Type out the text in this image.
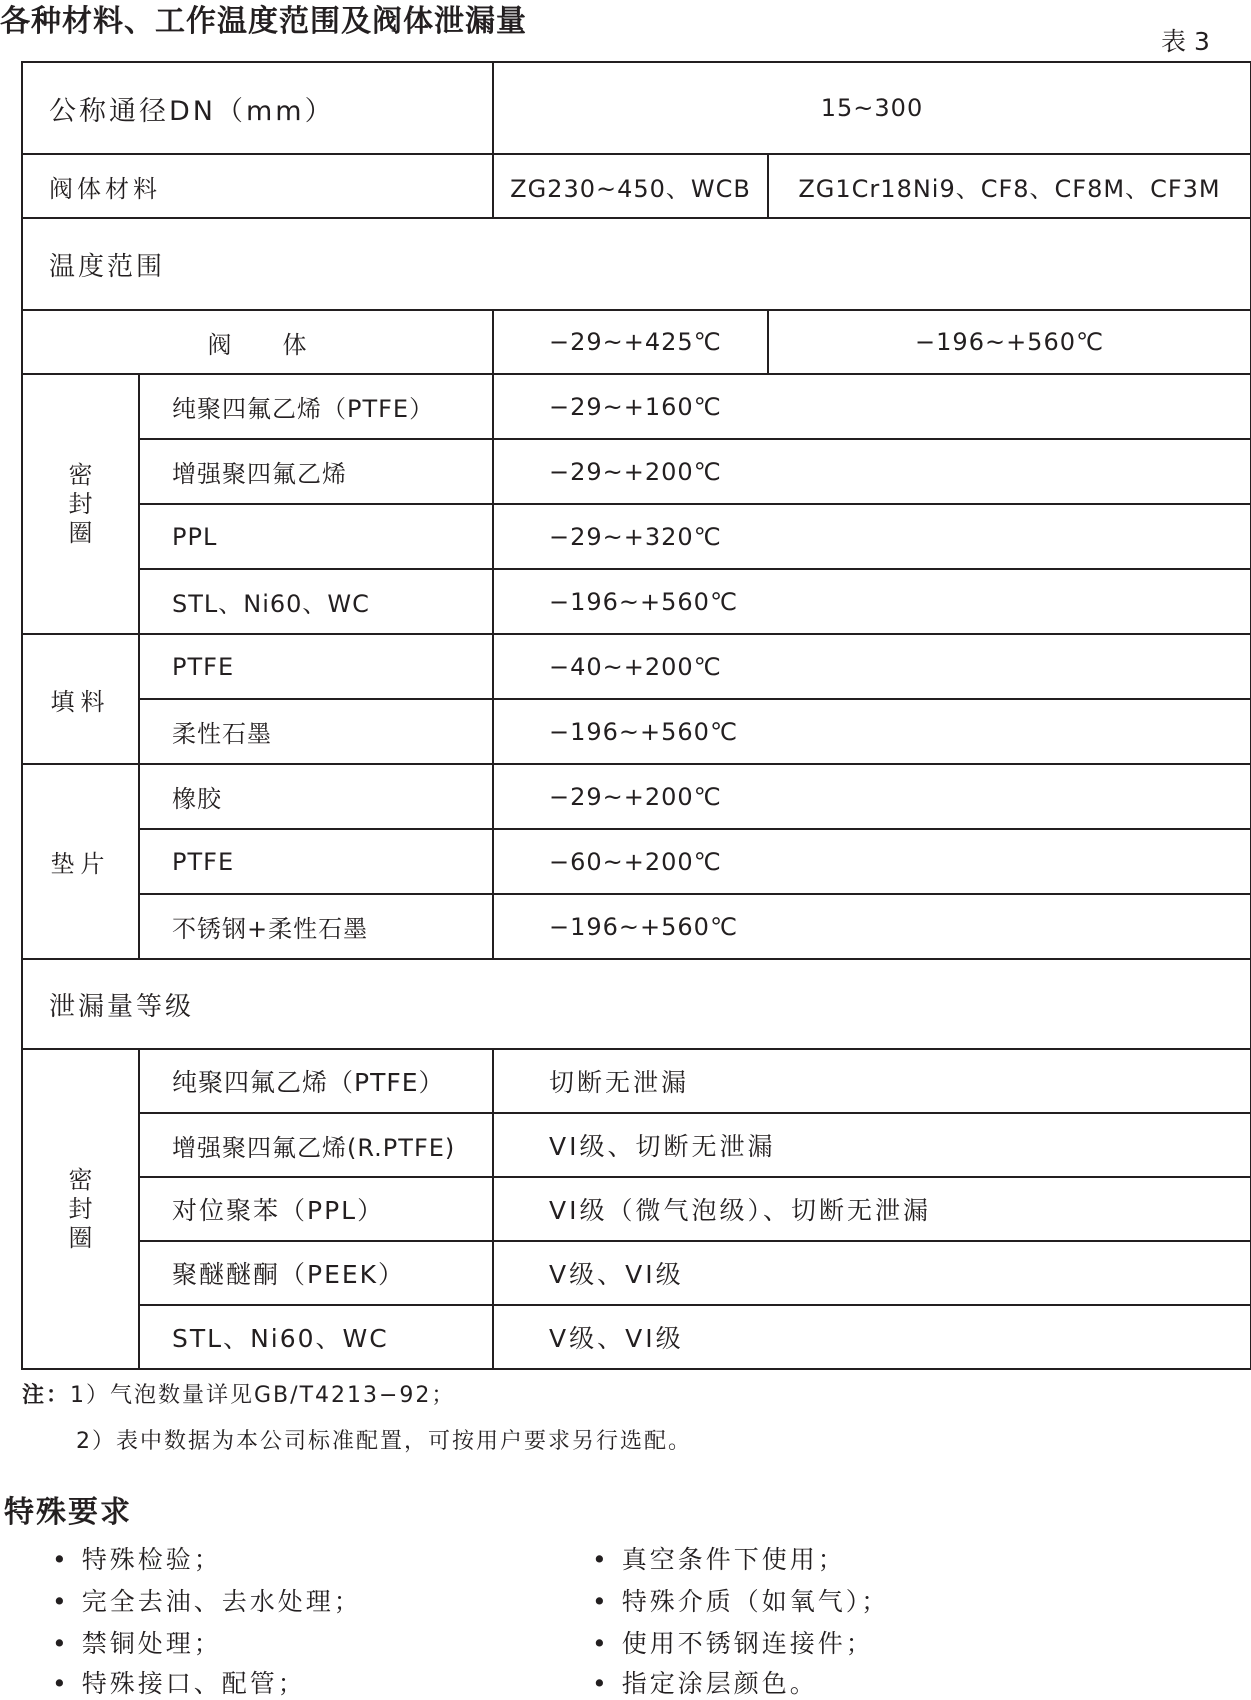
各种材料、工作温度范围及阀体泄漏量
表 3
公称通径DN（mm）		15~300	
阀体材料		ZG230~450、WCB	ZG1Cr18Ni9、CF8、CF8M、CF3M
温度范围			
阀　　体		−29~+425℃	−196~+560℃

密
封
圈	纯聚四氟乙烯（PTFE）	−29~+160℃	
	增强聚四氟乙烯	−29~+200℃	
	PPL	−29~+320℃	
	STL、Ni60、WC	−196~+560℃	
填料	PTFE	−40~+200℃	
	柔性石墨	−196~+560℃	
垫片	橡胶	−29~+200℃	
	PTFE	−60~+200℃	
	不锈钢+柔性石墨	−196~+560℃	
泄漏量等级			

密
封
圈	纯聚四氟乙烯（PTFE）	切断无泄漏	
	增强聚四氟乙烯(R.PTFE)	VI级、切断无泄漏	
	对位聚苯（PPL）	VI级（微气泡级）、切断无泄漏	
	聚醚醚酮（PEEK）	V级、VI级	
	STL、Ni60、WC	V级、VI级	
注：1）气泡数量详见GB/T4213−92；
2）表中数据为本公司标准配置，可按用户要求另行选配。
特殊要求
• 特殊检验；
• 完全去油、去水处理；
• 禁铜处理；
• 特殊接口、配管；
• 真空条件下使用；
• 特殊介质（如氧气）；
• 使用不锈钢连接件；
• 指定涂层颜色。
